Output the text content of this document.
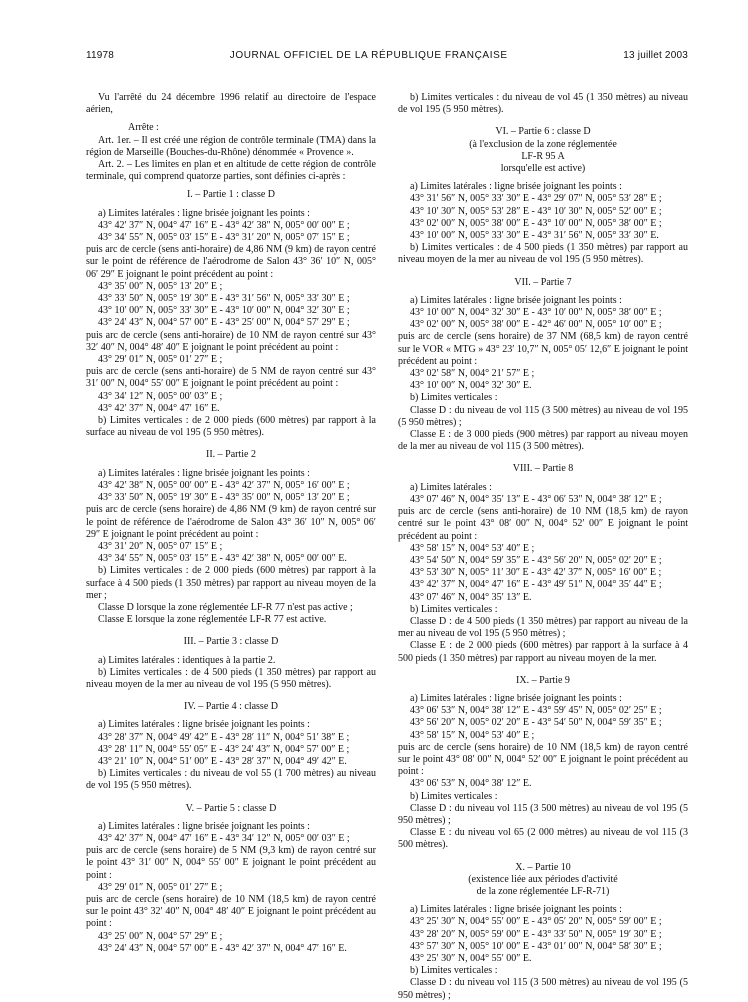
11978	JOURNAL OFFICIEL DE LA RÉPUBLIQUE FRANÇAISE	13 juillet 2003

Vu l'arrêté du 24 décembre 1996 relatif au directoire de l'espace aérien,

Arrête :

Art. 1er. – Il est créé une région de contrôle terminale (TMA) dans la région de Marseille (Bouches-du-Rhône) dénommée « Provence ».

Art. 2. – Les limites en plan et en altitude de cette région de contrôle terminale, qui comprend quatorze parties, sont définies ci-après :

I. – Partie 1 : classe D

a) Limites latérales : ligne brisée joignant les points :

43° 42′ 37″ N, 004° 47′ 16″ E - 43° 42′ 38″ N, 005° 00′ 00″ E ;

43° 34′ 55″ N, 005° 03′ 15″ E - 43° 31′ 20″ N, 005° 07′ 15″ E ;

puis arc de cercle (sens anti-horaire) de 4,86 NM (9 km) de rayon centré sur le point de référence de l'aérodrome de Salon 43° 36′ 10″ N, 005° 06′ 29″ E joignant le point précédent au point :

43° 35′ 00″ N, 005° 13′ 20″ E ;

43° 33′ 50″ N, 005° 19′ 30″ E - 43° 31′ 56″ N, 005° 33′ 30″ E ;

43° 10′ 00″ N, 005° 33′ 30″ E - 43° 10′ 00″ N, 004° 32′ 30″ E ;

43° 24′ 43″ N, 004° 57′ 00″ E - 43° 25′ 00″ N, 004° 57′ 29″ E ;

puis arc de cercle (sens anti-horaire) de 10 NM de rayon centré sur 43° 32′ 40″ N, 004° 48′ 40″ E joignant le point précédent au point :

43° 29′ 01″ N, 005° 01′ 27″ E ;

puis arc de cercle (sens anti-horaire) de 5 NM de rayon centré sur 43° 31′ 00″ N, 004° 55′ 00″ E joignant le point précédent au point :

43° 34′ 12″ N, 005° 00′ 03″ E ;

43° 42′ 37″ N, 004° 47′ 16″ E.

b) Limites verticales : de 2 000 pieds (600 mètres) par rapport à la surface au niveau de vol 195 (5 950 mètres).

II. – Partie 2

a) Limites latérales : ligne brisée joignant les points :

43° 42′ 38″ N, 005° 00′ 00″ E - 43° 42′ 37″ N, 005° 16′ 00″ E ;

43° 33′ 50″ N, 005° 19′ 30″ E - 43° 35′ 00″ N, 005° 13′ 20″ E ;

puis arc de cercle (sens horaire) de 4,86 NM (9 km) de rayon centré sur le point de référence de l'aérodrome de Salon 43° 36′ 10″ N, 005° 06′ 29″ E joignant le point précédent au point :

43° 31′ 20″ N, 005° 07′ 15″ E ;

43° 34′ 55″ N, 005° 03′ 15″ E - 43° 42′ 38″ N, 005° 00′ 00″ E.

b) Limites verticales : de 2 000 pieds (600 mètres) par rapport à la surface à 4 500 pieds (1 350 mètres) par rapport au niveau moyen de la mer ;

Classe D lorsque la zone réglementée LF-R 77 n'est pas active ;

Classe E lorsque la zone réglementée LF-R 77 est active.

III. – Partie 3 : classe D

a) Limites latérales : identiques à la partie 2.

b) Limites verticales : de 4 500 pieds (1 350 mètres) par rapport au niveau moyen de la mer au niveau de vol 195 (5 950 mètres).

IV. – Partie 4 : classe D

a) Limites latérales : ligne brisée joignant les points :

43° 28′ 37″ N, 004° 49′ 42″ E - 43° 28′ 11″ N, 004° 51′ 38″ E ;

43° 28′ 11″ N, 004° 55′ 05″ E - 43° 24′ 43″ N, 004° 57′ 00″ E ;

43° 21′ 10″ N, 004° 51′ 00″ E - 43° 28′ 37″ N, 004° 49′ 42″ E.

b) Limites verticales : du niveau de vol 55 (1 700 mètres) au niveau de vol 195 (5 950 mètres).

V. – Partie 5 : classe D

a) Limites latérales : ligne brisée joignant les points :

43° 42′ 37″ N, 004° 47′ 16″ E - 43° 34′ 12″ N, 005° 00′ 03″ E ;

puis arc de cercle (sens horaire) de 5 NM (9,3 km) de rayon centré sur le point 43° 31′ 00″ N, 004° 55′ 00″ E joignant le point précédent au point :

43° 29′ 01″ N, 005° 01′ 27″ E ;

puis arc de cercle (sens horaire) de 10 NM (18,5 km) de rayon centré sur le point 43° 32′ 40″ N, 004° 48′ 40″ E joignant le point précédent au point :

43° 25′ 00″ N, 004° 57′ 29″ E ;

43° 24′ 43″ N, 004° 57′ 00″ E - 43° 42′ 37″ N, 004° 47′ 16″ E.

b) Limites verticales : du niveau de vol 45 (1 350 mètres) au niveau de vol 195 (5 950 mètres).

VI. – Partie 6 : classe D

(à l'exclusion de la zone réglementée

LF-R 95 A

lorsqu'elle est active)

a) Limites latérales : ligne brisée joignant les points :

43° 31′ 56″ N, 005° 33′ 30″ E - 43° 29′ 07″ N, 005° 53′ 28″ E ;

43° 10′ 30″ N, 005° 53′ 28″ E - 43° 10′ 30″ N, 005° 52′ 00″ E ;

43° 02′ 00″ N, 005° 38′ 00″ E - 43° 10′ 00″ N, 005° 38′ 00″ E ;

43° 10′ 00″ N, 005° 33′ 30″ E - 43° 31′ 56″ N, 005° 33′ 30″ E.

b) Limites verticales : de 4 500 pieds (1 350 mètres) par rapport au niveau moyen de la mer au niveau de vol 195 (5 950 mètres).

VII. – Partie 7

a) Limites latérales : ligne brisée joignant les points :

43° 10′ 00″ N, 004° 32′ 30″ E - 43° 10′ 00″ N, 005° 38′ 00″ E ;

43° 02′ 00″ N, 005° 38′ 00″ E - 42° 46′ 00″ N, 005° 10′ 00″ E ;

puis arc de cercle (sens horaire) de 37 NM (68,5 km) de rayon centré sur le VOR « MTG » 43° 23′ 10,7″ N, 005° 05′ 12,6″ E joignant le point précédent au point :

43° 02′ 58″ N, 004° 21′ 57″ E ;

43° 10′ 00″ N, 004° 32′ 30″ E.

b) Limites verticales :

Classe D : du niveau de vol 115 (3 500 mètres) au niveau de vol 195 (5 950 mètres) ;

Classe E : de 3 000 pieds (900 mètres) par rapport au niveau moyen de la mer au niveau de vol 115 (3 500 mètres).

VIII. – Partie 8

a) Limites latérales :

43° 07′ 46″ N, 004° 35′ 13″ E - 43° 06′ 53″ N, 004° 38′ 12″ E ;

puis arc de cercle (sens anti-horaire) de 10 NM (18,5 km) de rayon centré sur le point 43° 08′ 00″ N, 004° 52′ 00″ E joignant le point précédent au point :

43° 58′ 15″ N, 004° 53′ 40″ E ;

43° 54′ 50″ N, 004° 59′ 35″ E - 43° 56′ 20″ N, 005° 02′ 20″ E ;

43° 53′ 30″ N, 005° 11′ 30″ E - 43° 42′ 37″ N, 005° 16′ 00″ E ;

43° 42′ 37″ N, 004° 47′ 16″ E - 43° 49′ 51″ N, 004° 35′ 44″ E ;

43° 07′ 46″ N, 004° 35′ 13″ E.

b) Limites verticales :

Classe D : de 4 500 pieds (1 350 mètres) par rapport au niveau de la mer au niveau de vol 195 (5 950 mètres) ;

Classe E : de 2 000 pieds (600 mètres) par rapport à la surface à 4 500 pieds (1 350 mètres) par rapport au niveau moyen de la mer.

IX. – Partie 9

a) Limites latérales : ligne brisée joignant les points :

43° 06′ 53″ N, 004° 38′ 12″ E - 43° 59′ 45″ N, 005° 02′ 25″ E ;

43° 56′ 20″ N, 005° 02′ 20″ E - 43° 54′ 50″ N, 004° 59′ 35″ E ;

43° 58′ 15″ N, 004° 53′ 40″ E ;

puis arc de cercle (sens horaire) de 10 NM (18,5 km) de rayon centré sur le point 43° 08′ 00″ N, 004° 52′ 00″ E joignant le point précédent au point :

43° 06′ 53″ N, 004° 38′ 12″ E.

b) Limites verticales :

Classe D : du niveau vol 115 (3 500 mètres) au niveau de vol 195 (5 950 mètres) ;

Classe E : du niveau vol 65 (2 000 mètres) au niveau de vol 115 (3 500 mètres).

X. – Partie 10

(existence liée aux périodes d'activité

de la zone réglementée LF-R-71)

a) Limites latérales : ligne brisée joignant les points :

43° 25′ 30″ N, 004° 55′ 00″ E - 43° 05′ 20″ N, 005° 59′ 00″ E ;

43° 28′ 20″ N, 005° 59′ 00″ E - 43° 33′ 50″ N, 005° 19′ 30″ E ;

43° 57′ 30″ N, 005° 10′ 00″ E - 43° 01′ 00″ N, 004° 58′ 30″ E ;

43° 25′ 30″ N, 004° 55′ 00″ E.

b) Limites verticales :

Classe D : du niveau vol 115 (3 500 mètres) au niveau de vol 195 (5 950 mètres) ;
